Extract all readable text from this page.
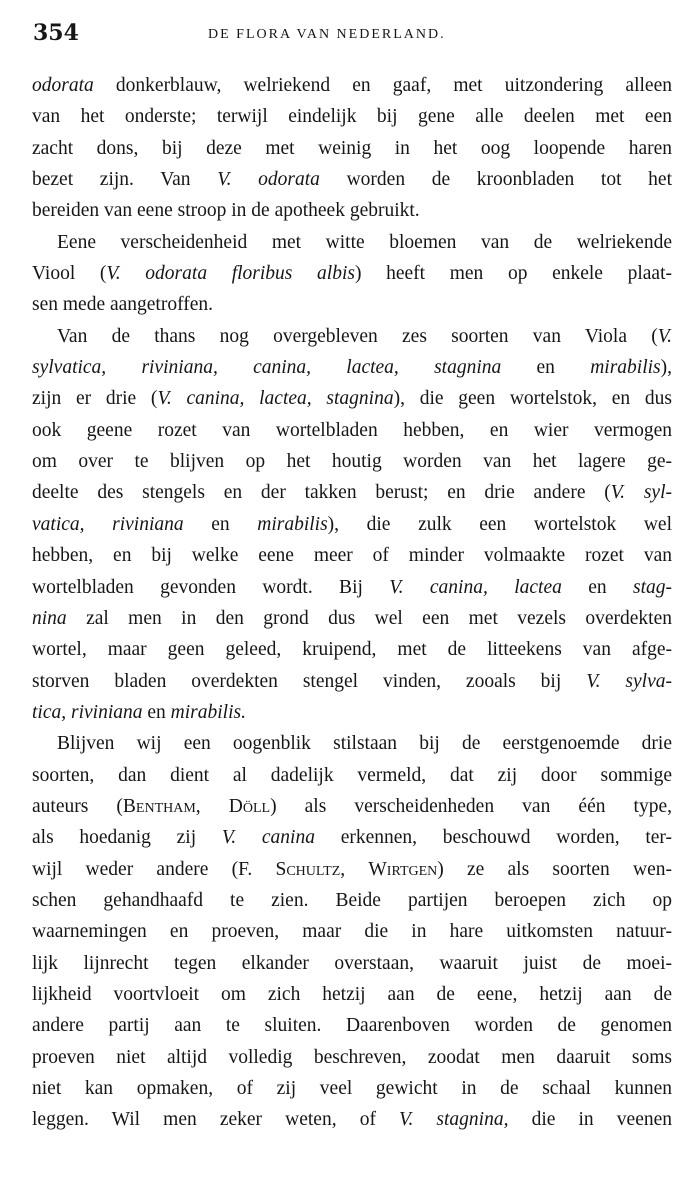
354	DE FLORA VAN NEDERLAND.
odorata donkerblauw, welriekend en gaaf, met uitzondering alleen
van het onderste; terwijl eindelijk bij gene alle deelen met een
zacht dons, bij deze met weinig in het oog loopende haren
bezet zijn. Van V. odorata worden de kroonbladen tot het
bereiden van eene stroop in de apotheek gebruikt.
Eene verscheidenheid met witte bloemen van de welriekende
Viool (V. odorata floribus albis) heeft men op enkele plaat-
sen mede aangetroffen.
Van de thans nog overgebleven zes soorten van Viola (V.
sylvatica, riviniana, canina, lactea, stagnina en mirabilis),
zijn er drie (V. canina, lactea, stagnina), die geen wortelstok, en dus
ook geene rozet van wortelbladen hebben, en wier vermogen
om over te blijven op het houtig worden van het lagere ge-
deelte des stengels en der takken berust; en drie andere (V. syl-
vatica, riviniana en mirabilis), die zulk een wortelstok wel
hebben, en bij welke eene meer of minder volmaakte rozet van
wortelbladen gevonden wordt. Bij V. canina, lactea en stag-
nina zal men in den grond dus wel een met vezels overdekten
wortel, maar geen geleed, kruipend, met de litteekens van afge-
storven bladen overdekten stengel vinden, zooals bij V. sylva-
tica, riviniana en mirabilis.
Blijven wij een oogenblik stilstaan bij de eerstgenoemde drie
soorten, dan dient al dadelijk vermeld, dat zij door sommige
auteurs (Bentham, Döll) als verscheidenheden van één type,
als hoedanig zij V. canina erkennen, beschouwd worden, ter-
wijl weder andere (F. Schultz, Wirtgen) ze als soorten wen-
schen gehandhaafd te zien. Beide partijen beroepen zich op
waarnemingen en proeven, maar die in hare uitkomsten natuur-
lijk lijnrecht tegen elkander overstaan, waaruit juist de moei-
lijkheid voortvloeit om zich hetzij aan de eene, hetzij aan de
andere partij aan te sluiten. Daarenboven worden de genomen
proeven niet altijd volledig beschreven, zoodat men daaruit soms
niet kan opmaken, of zij veel gewicht in de schaal kunnen
leggen. Wil men zeker weten, of V. stagnina, die in veenen
